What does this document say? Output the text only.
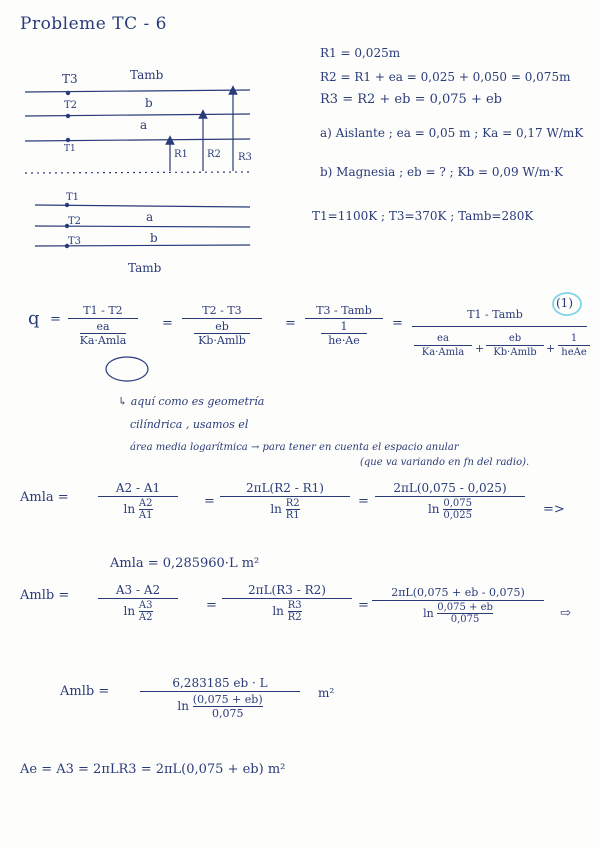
Probleme TC - 6
T3	Tamb
T2	b
a
T1	R1 R2 R3
T1
T2	a
T3	b
Tamb
R1 = 0,025m
R2 = R1 + ea = 0,025 + 0,050 = 0,075m
R3 = R2 + eb = 0,075 + eb
a) Aislante ; ea = 0,05 m ; Ka = 0,17 W/mK
b) Magnesia ; eb = ? ; Kb = 0,09 W/m·K
T1=1100K ; T3=370K ; Tamb=280K
q =
T1 - T2
ea
Ka·Amla
=
T2 - T3
eb
Kb·Amlb
=
T3 - Tamb
1
he·Ae
=
T1 - Tamb
ea
Ka·Amla +
eb
Kb·Amlb +
1
heAe
(1)
↳ aquí como es geometría
cilíndrica , usamos el
área media logarítmica → para tener en cuenta el espacio anular
(que va variando en fn del radio).
Amla =
A2 - A1
$\ln \frac{A2}{A1}$	=
2πL(R2 - R1)
$\ln \frac{R2}{R1}$	=
2πL(0,075 - 0,025)
$\ln \frac{0,075}{0,025}$	=>
Amla = 0,285960·L m²
Amlb =	A3 - A2
$\ln \frac{A3}{A2}$	=
2πL(R3 - R2)
$\ln \frac{R3}{R2}$	=
2πL(0,075 + eb - 0,075)
$\ln \frac{0,075 + eb}{0,075}$	⇨
Amlb =
6,283185 eb · L
$\ln \frac{(0,075 + eb)}{0,075}$	m²
Ae = A3 = 2πLR3 = 2πL(0,075 + eb) m²
